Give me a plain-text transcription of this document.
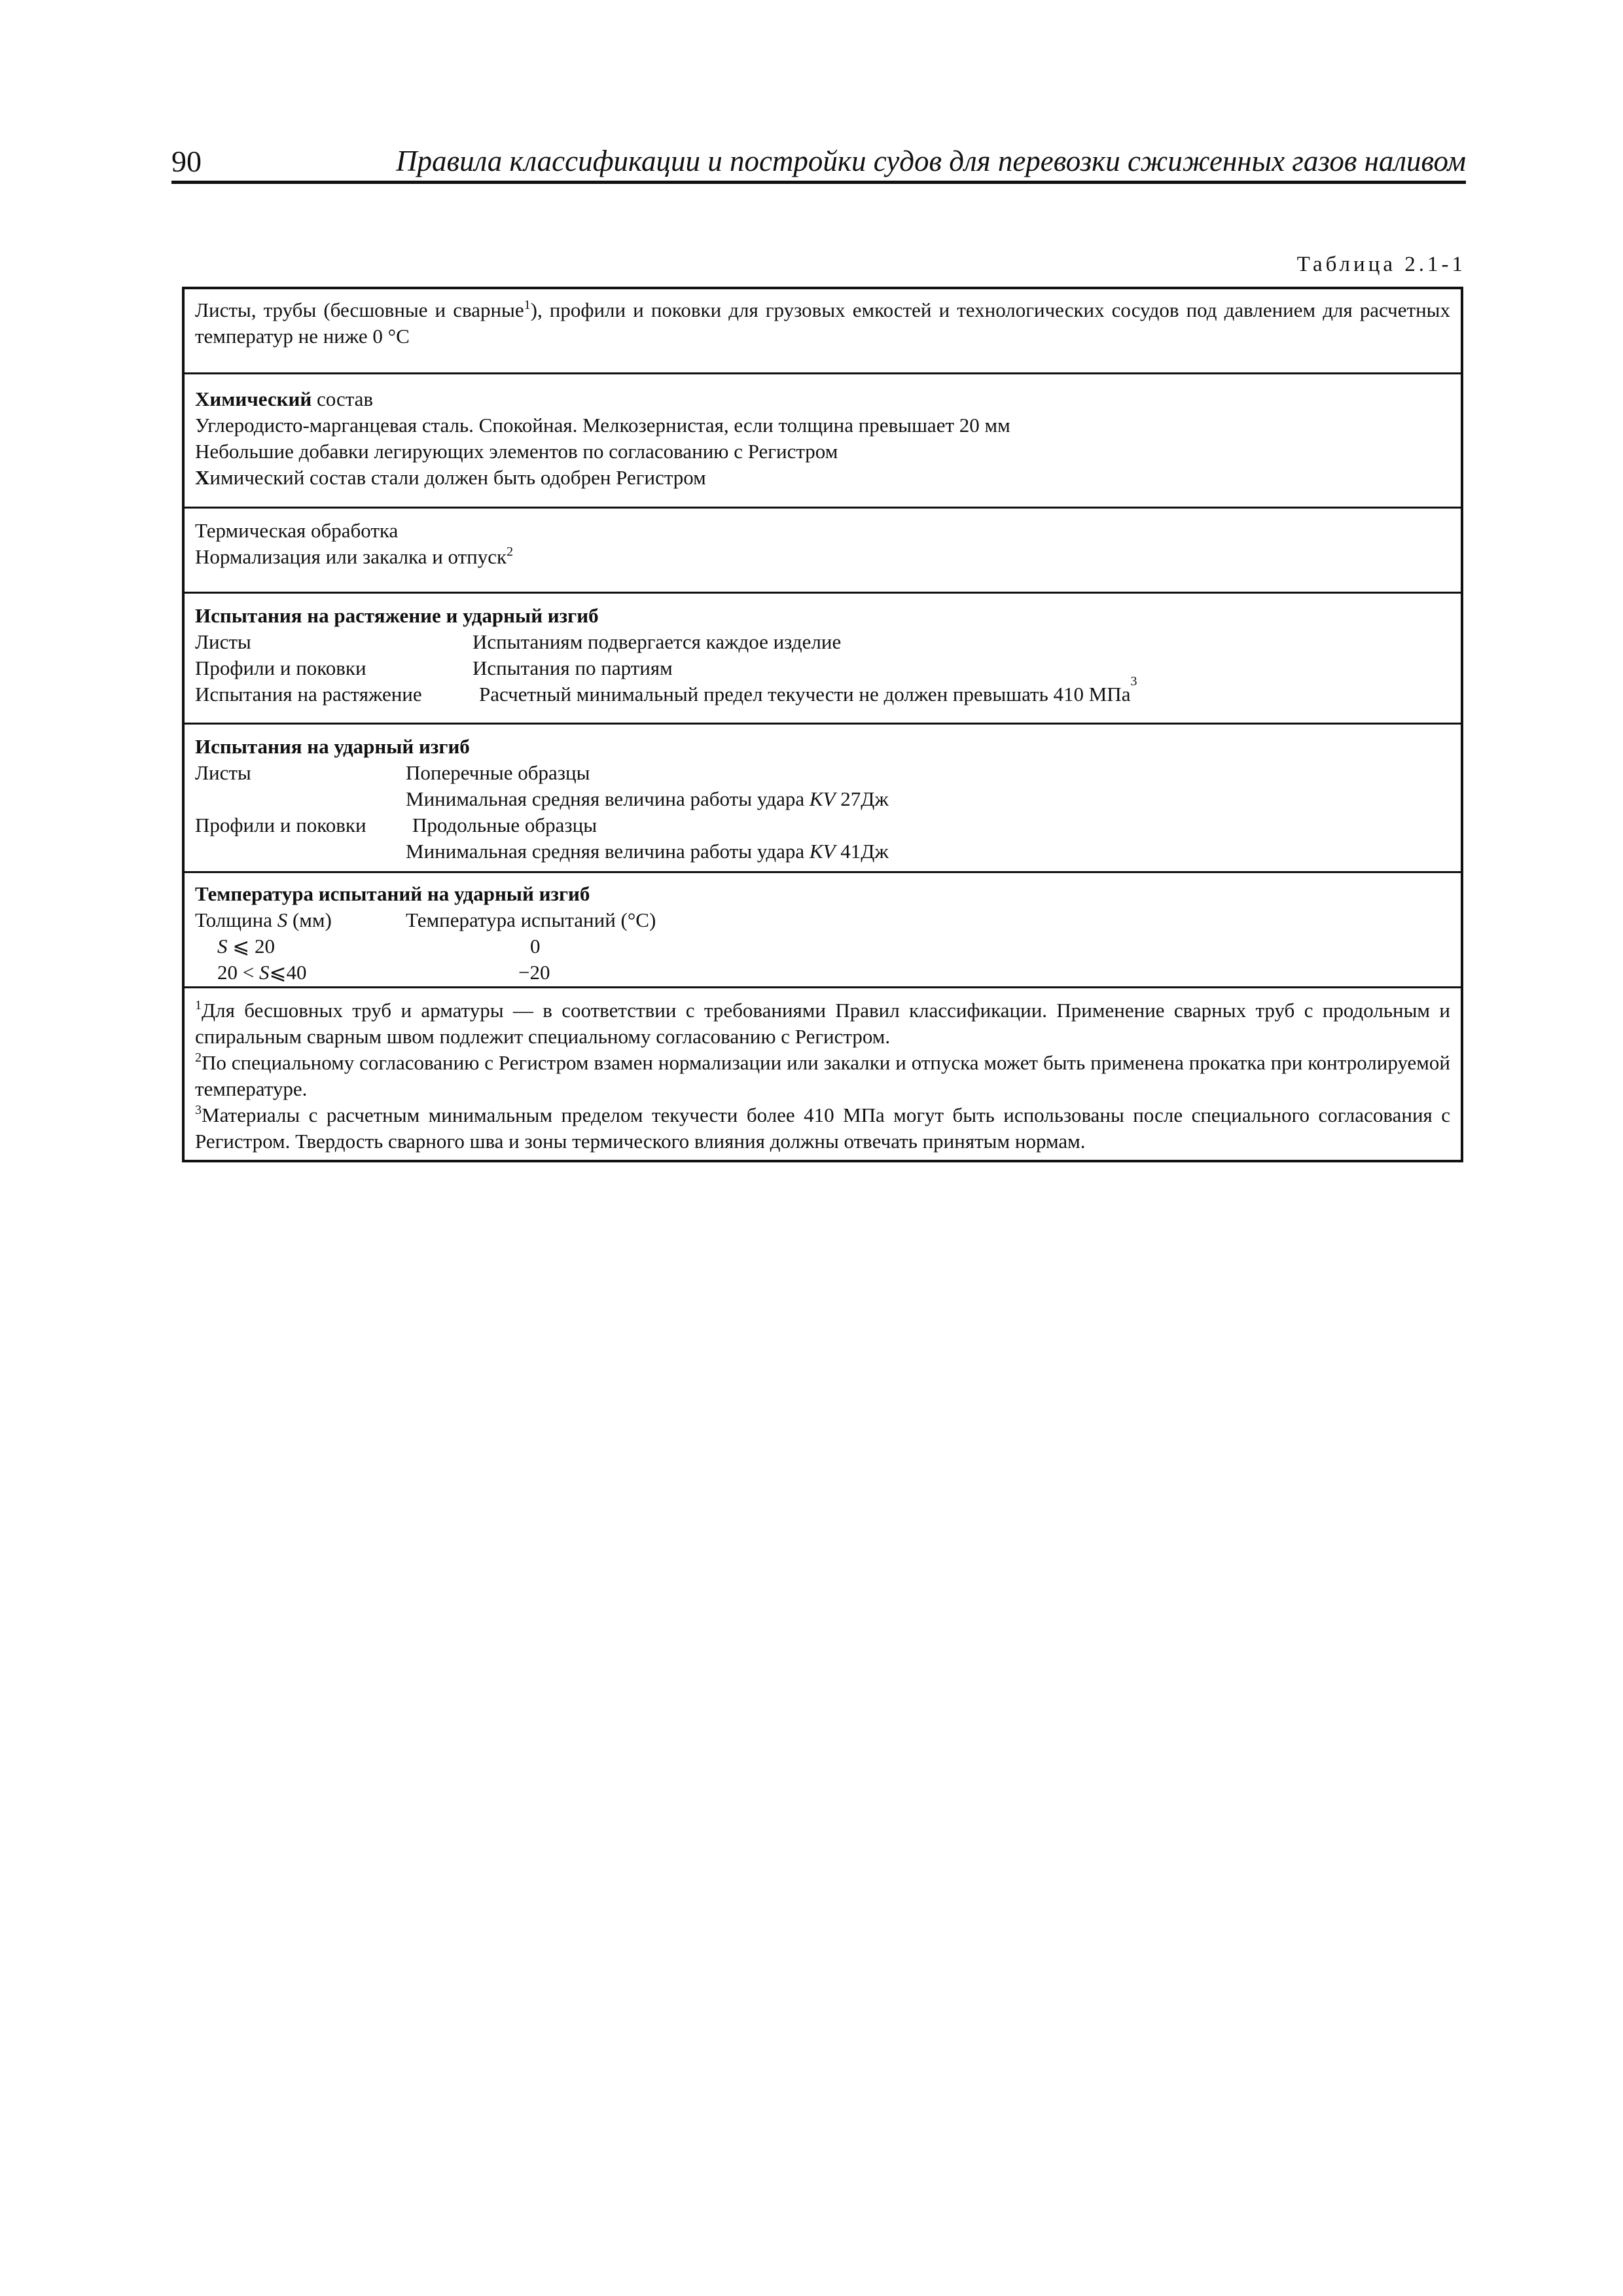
90	Правила классификации и постройки судов для перевозки сжиженных газов наливом
Таблица 2.1-1
Листы, трубы (бесшовные и сварные$^1$), профили и поковки для грузовых емкостей и технологических сосудов под давлением для расчетных температур не ниже 0 °С
Химический состав
Углеродисто-марганцевая сталь. Спокойная. Мелкозернистая, если толщина превышает 20 мм
Небольшие добавки легирующих элементов по согласованию с Регистром
Химический состав стали должен быть одобрен Регистром
Термическая обработка
Нормализация или закалка и отпуск$^2$
Испытания на растяжение и ударный изгиб
Листы	Испытаниям подвергается каждое изделие
Профили и поковки	Испытания по партиям
Испытания на растяжение	Расчетный минимальный предел текучести не должен превышать 410 МПа
3
Испытания на ударный изгиб
Листы	Поперечные образцы
Минимальная средняя величина работы удара KV 27Дж
Профили и поковки	Продольные образцы
Минимальная средняя величина работы удара KV 41Дж
Температура испытаний на ударный изгиб
Толщина S (мм)	Температура испытаний (°С)
S ⩽ 20	0
20 < S⩽40	−20

$^1$Для бесшовных труб и арматуры — в соответствии с требованиями Правил классификации. Применение сварных труб с продольным и спиральным сварным швом подлежит специальному согласованию с Регистром.

$^2$По специальному согласованию с Регистром взамен нормализации или закалки и отпуска может быть применена прокатка при контролируемой температуре.

$^3$Материалы с расчетным минимальным пределом текучести более 410 МПа могут быть использованы после специального согласования с Регистром. Твердость сварного шва и зоны термического влияния должны отвечать принятым нормам.
